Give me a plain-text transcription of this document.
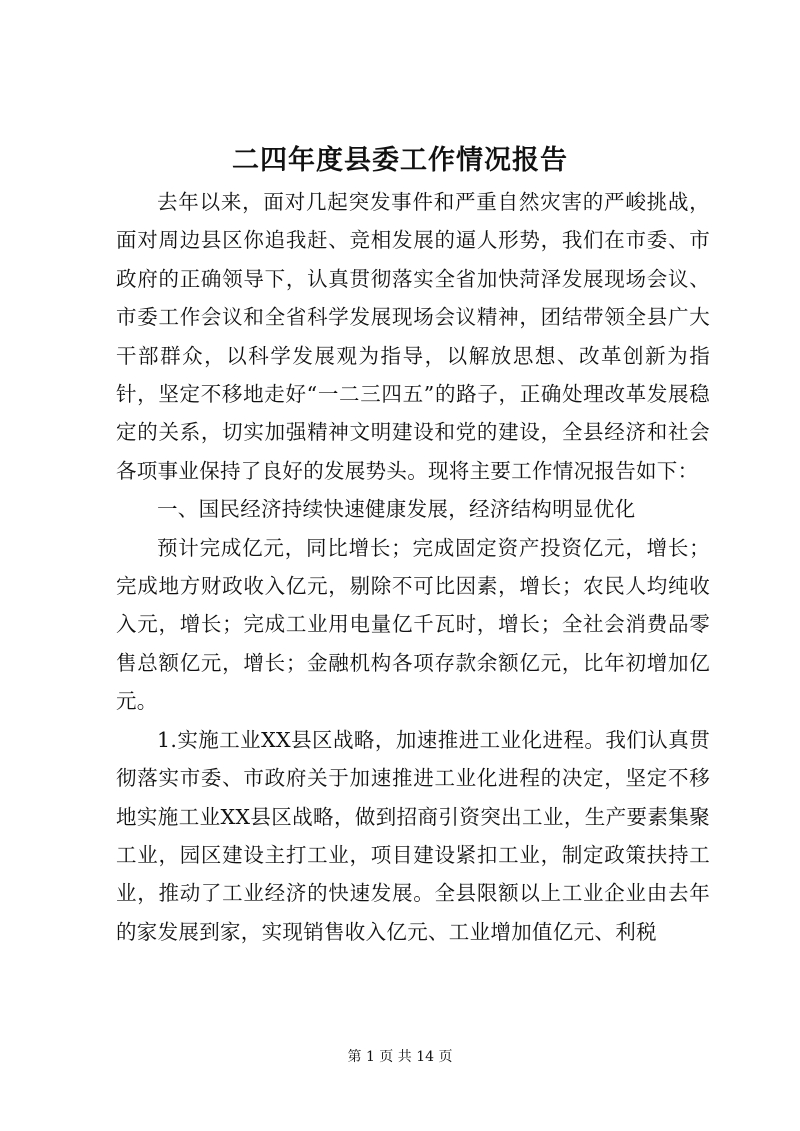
二四年度县委工作情况报告

去年以来，面对几起突发事件和严重自然灾害的严峻挑战，面对周边县区你追我赶、竞相发展的逼人形势，我们在市委、市政府的正确领导下，认真贯彻落实全省加快菏泽发展现场会议、市委工作会议和全省科学发展现场会议精神，团结带领全县广大干部群众，以科学发展观为指导，以解放思想、改革创新为指针，坚定不移地走好“一二三四五”的路子，正确处理改革发展稳定的关系，切实加强精神文明建设和党的建设，全县经济和社会各项事业保持了良好的发展势头。现将主要工作情况报告如下：

一、国民经济持续快速健康发展，经济结构明显优化

预计完成亿元，同比增长；完成固定资产投资亿元，增长；完成地方财政收入亿元，剔除不可比因素，增长；农民人均纯收入元，增长；完成工业用电量亿千瓦时，增长；全社会消费品零售总额亿元，增长；金融机构各项存款余额亿元，比年初增加亿元。

1.实施工业XX县区战略，加速推进工业化进程。我们认真贯彻落实市委、市政府关于加速推进工业化进程的决定，坚定不移地实施工业XX县区战略，做到招商引资突出工业，生产要素集聚工业，园区建设主打工业，项目建设紧扣工业，制定政策扶持工业，推动了工业经济的快速发展。全县限额以上工业企业由去年的家发展到家，实现销售收入亿元、工业增加值亿元、利税

第 1 页 共 14 页
